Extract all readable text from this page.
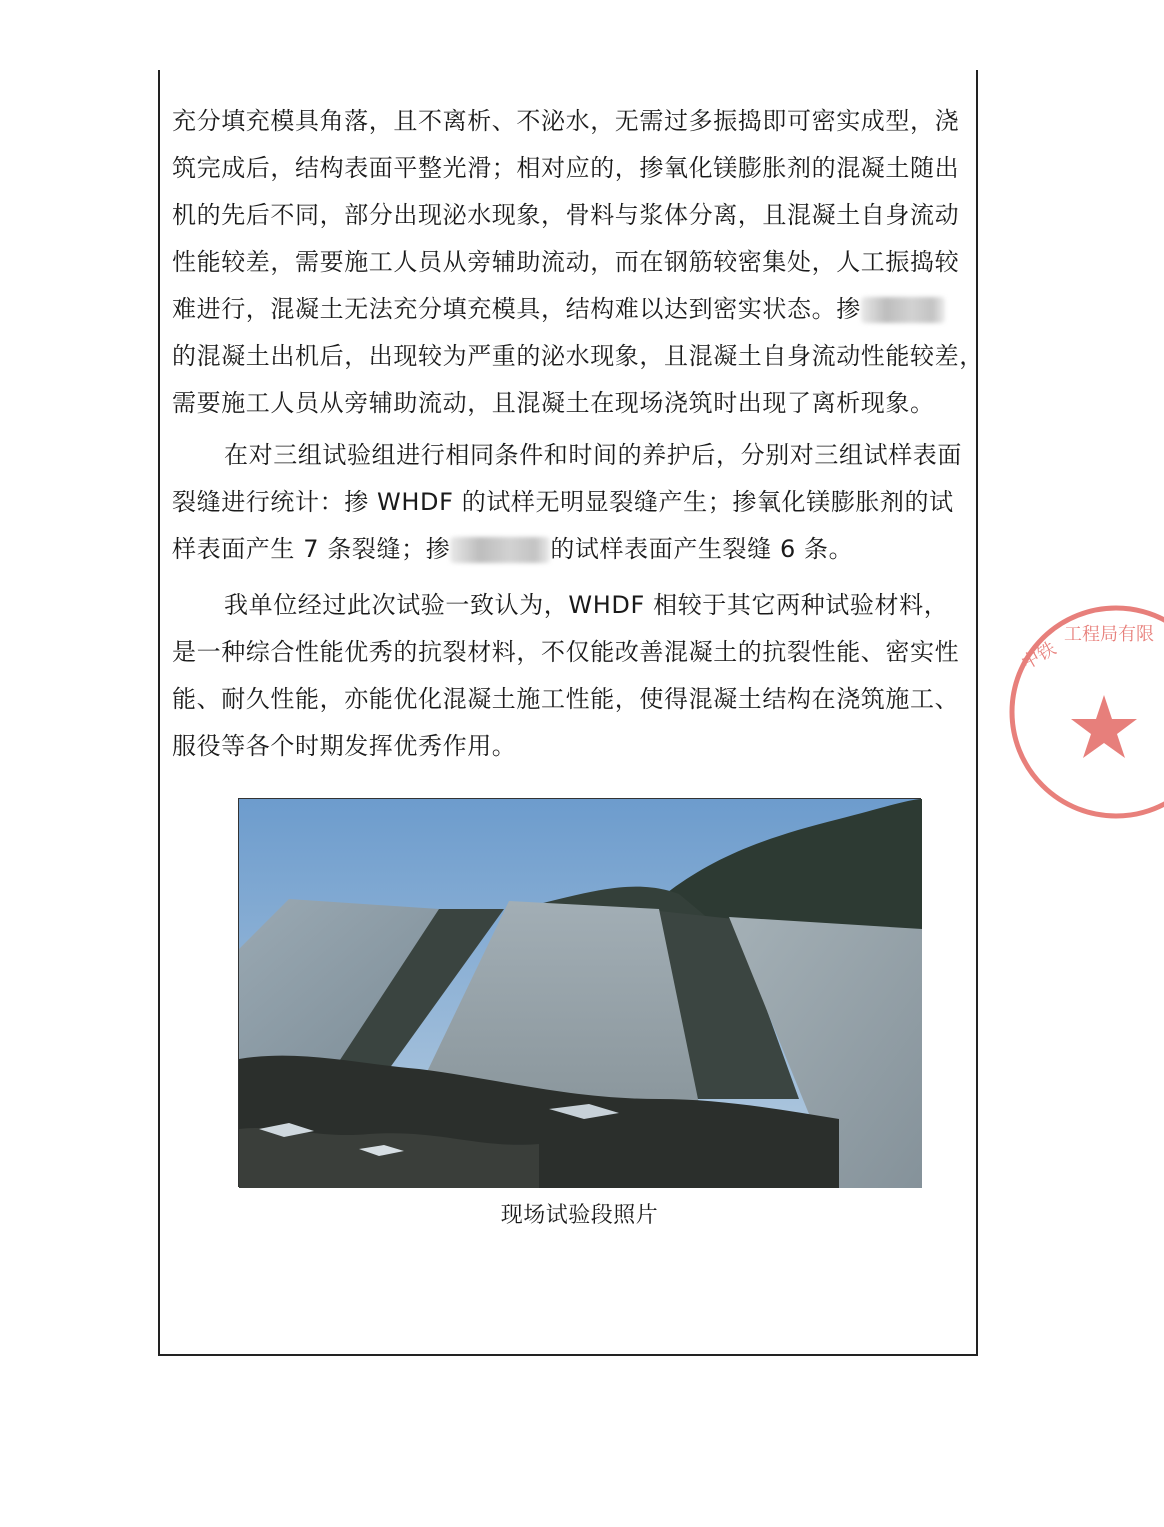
充分填充模具角落，且不离析、不泌水，无需过多振捣即可密实成型，浇
筑完成后，结构表面平整光滑；相对应的，掺氧化镁膨胀剂的混凝土随出
机的先后不同，部分出现泌水现象，骨料与浆体分离，且混凝土自身流动
性能较差，需要施工人员从旁辅助流动，而在钢筋较密集处，人工振捣较
难进行，混凝土无法充分填充模具，结构难以达到密实状态。掺
的混凝土出机后，出现较为严重的泌水现象，且混凝土自身流动性能较差，
需要施工人员从旁辅助流动，且混凝土在现场浇筑时出现了离析现象。
在对三组试验组进行相同条件和时间的养护后，分别对三组试样表面
裂缝进行统计：掺 WHDF 的试样无明显裂缝产生；掺氧化镁膨胀剂的试
样表面产生 7 条裂缝；掺	的试样表面产生裂缝 6 条。
我单位经过此次试验一致认为，WHDF 相较于其它两种试验材料，
是一种综合性能优秀的抗裂材料，不仅能改善混凝土的抗裂性能、密实性
能、耐久性能，亦能优化混凝土施工性能，使得混凝土结构在浇筑施工、
服役等各个时期发挥优秀作用。
现场试验段照片
中铁
工程局有限
